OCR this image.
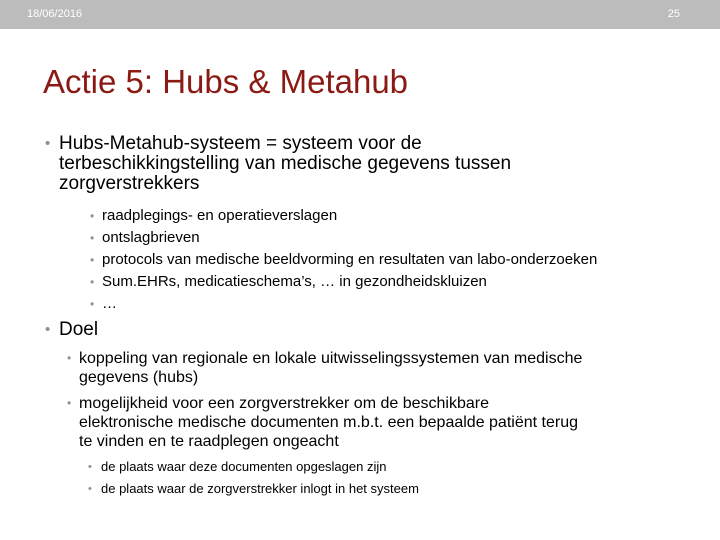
18/06/2016	25
Actie 5: Hubs & Metahub
• Hubs-Metahub-systeem = systeem voor de
terbeschikkingstelling van medische gegevens tussen
zorgverstrekkers
• raadplegings- en operatieverslagen
• ontslagbrieven
• protocols van medische beeldvorming en resultaten van labo-onderzoeken
• Sum.EHRs, medicatieschema’s, … in gezondheidskluizen
• …
• Doel
• koppeling van regionale en lokale uitwisselingssystemen van medische
gegevens (hubs)
• mogelijkheid voor een zorgverstrekker om de beschikbare
elektronische medische documenten m.b.t. een bepaalde patiënt terug
te vinden en te raadplegen ongeacht
• de plaats waar deze documenten opgeslagen zijn
• de plaats waar de zorgverstrekker inlogt in het systeem
